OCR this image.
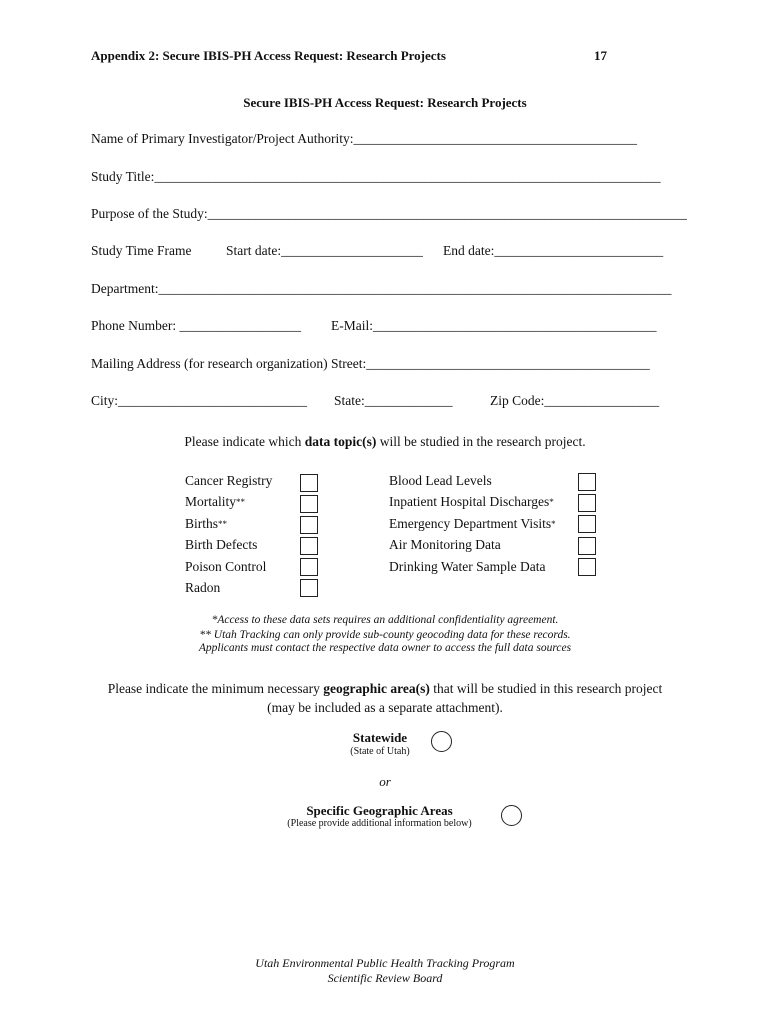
Appendix 2: Secure IBIS-PH Access Request: Research Projects	17
Secure IBIS-PH Access Request: Research Projects
Name of Primary Investigator/Project Authority:__________________________________________
Study Title:___________________________________________________________________________
Purpose of the Study:_______________________________________________________________________
Study Time Frame	Start date:_____________________ End date:_________________________
Department:____________________________________________________________________________
Phone Number: __________________ E-Mail:__________________________________________
Mailing Address (for research organization) Street:__________________________________________
City:____________________________ State:_____________	Zip Code:_________________
Please indicate which data topic(s) will be studied in the research project.
Cancer Registry
Mortality**
Births**
Birth Defects
Poison Control
Radon
Blood Lead Levels
Inpatient Hospital Discharges*
Emergency Department Visits*
Air Monitoring Data
Drinking Water Sample Data
*Access to these data sets requires an additional confidentiality agreement.
** Utah Tracking can only provide sub-county geocoding data for these records.
Applicants must contact the respective data owner to access the full data sources
Please indicate the minimum necessary geographic area(s) that will be studied in this research project
(may be included as a separate attachment).
Statewide
(State of Utah)
or
Specific Geographic Areas
(Please provide additional information below)
Utah Environmental Public Health Tracking Program
Scientific Review Board
